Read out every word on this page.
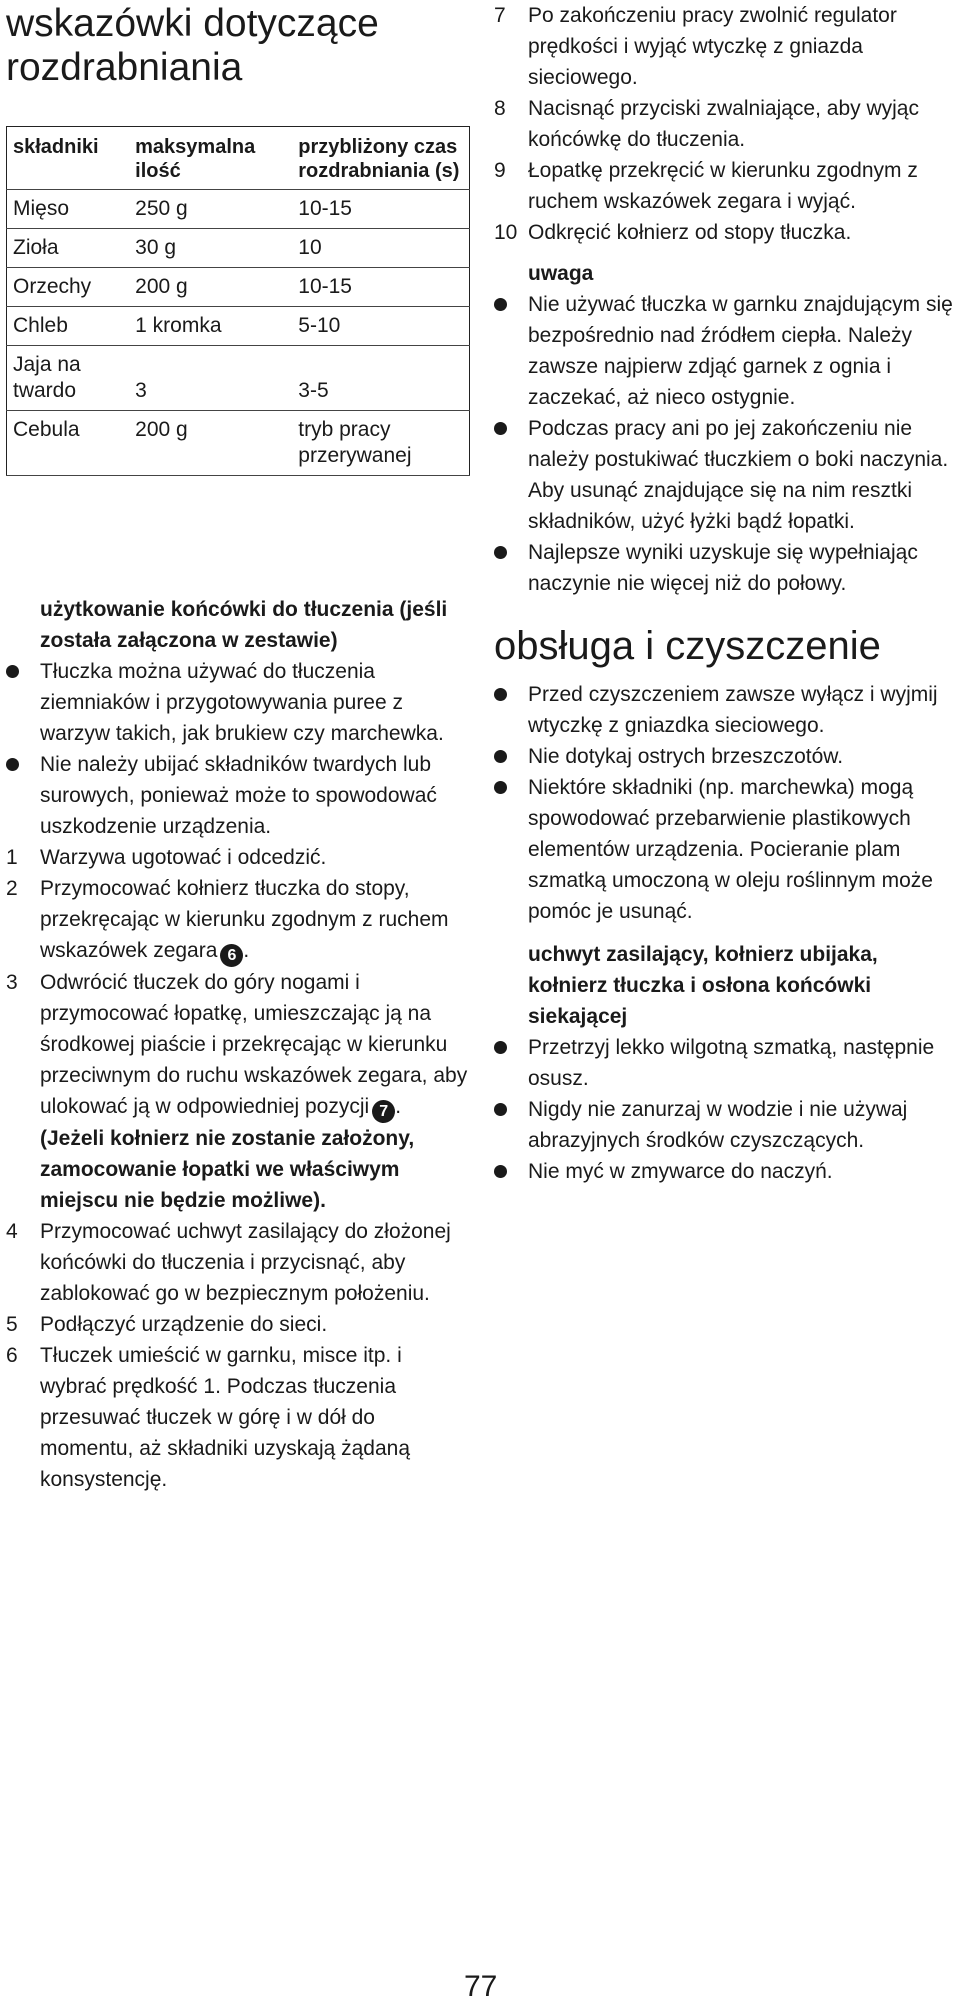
wskazówki dotyczące rozdrabniania
składniki	maksymalna ilość	przybliżony czas rozdrabniania (s)
Mięso	250 g	10-15
Zioła	30 g	10
Orzechy	200 g	10-15
Chleb	1 kromka	5-10
Jaja na twardo	3	3-5
Cebula	200 g	tryb pracy przerywanej
użytkowanie końcówki do tłuczenia (jeśli została załączona w zestawie)
Tłuczka można używać do tłuczenia ziemniaków i przygotowywania puree z warzyw takich, jak brukiew czy marchewka.
Nie należy ubijać składników twardych lub surowych, ponieważ może to spowodować uszkodzenie urządzenia.
1	Warzywa ugotować i odcedzić.
2	Przymocować kołnierz tłuczka do stopy, przekręcając w kierunku zgodnym z ruchem wskazówek zegara 6 .
3	Odwrócić tłuczek do góry nogami i przymocować łopatkę, umieszczając ją na środkowej piaście i przekręcając w kierunku przeciwnym do ruchu wskazówek zegara, aby ulokować ją w odpowiedniej pozycji 7 . (Jeżeli kołnierz nie zostanie założony, zamocowanie łopatki we właściwym miejscu nie będzie możliwe).
4	Przymocować uchwyt zasilający do złożonej końcówki do tłuczenia i przycisnąć, aby zablokować go w bezpiecznym położeniu.
5	Podłączyć urządzenie do sieci.
6	Tłuczek umieścić w garnku, misce itp. i wybrać prędkość 1. Podczas tłuczenia przesuwać tłuczek w górę i w dół do momentu, aż składniki uzyskają żądaną konsystencję.
7	Po zakończeniu pracy zwolnić regulator prędkości i wyjąć wtyczkę z gniazda sieciowego.
8	Nacisnąć przyciski zwalniające, aby wyjąc końcówkę do tłuczenia.
9	Łopatkę przekręcić w kierunku zgodnym z ruchem wskazówek zegara i wyjąć.
10 Odkręcić kołnierz od stopy tłuczka.
uwaga
Nie używać tłuczka w garnku znajdującym się bezpośrednio nad źródłem ciepła. Należy zawsze najpierw zdjąć garnek z ognia i zaczekać, aż nieco ostygnie.
Podczas pracy ani po jej zakończeniu nie należy postukiwać tłuczkiem o boki naczynia. Aby usunąć znajdujące się na nim resztki składników, użyć łyżki bądź łopatki.
Najlepsze wyniki uzyskuje się wypełniając naczynie nie więcej niż do połowy.
obsługa i czyszczenie
Przed czyszczeniem zawsze wyłącz i wyjmij wtyczkę z gniazdka sieciowego.
Nie dotykaj ostrych brzeszczotów.
Niektóre składniki (np. marchewka) mogą spowodować przebarwienie plastikowych elementów urządzenia. Pocieranie plam szmatką umoczoną w oleju roślinnym może pomóc je usunąć.
uchwyt zasilający, kołnierz ubijaka, kołnierz tłuczka i osłona końcówki siekającej
Przetrzyj lekko wilgotną szmatką, następnie osusz.
Nigdy nie zanurzaj w wodzie i nie używaj abrazyjnych środków czyszczących.
Nie myć w zmywarce do naczyń.
77
